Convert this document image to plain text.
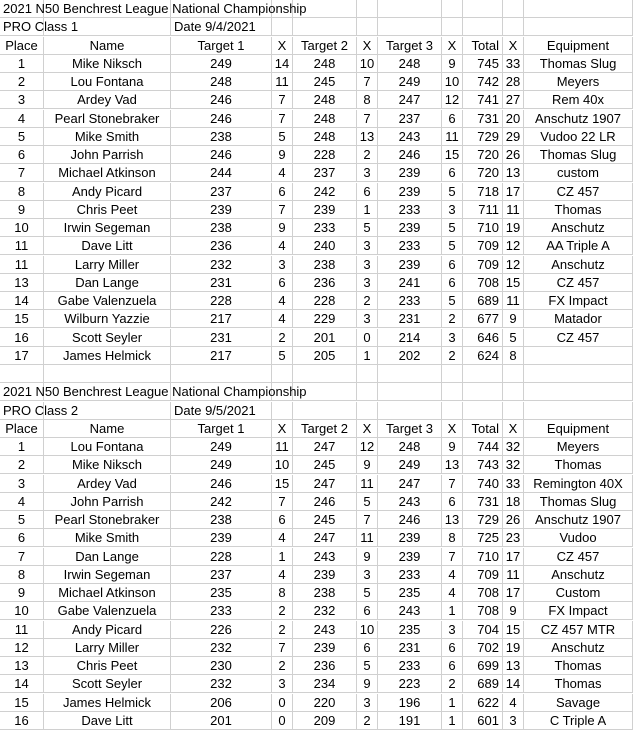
2021 N50 Benchrest League National Championship
PRO Class 1	Date 9/4/2021
Place	Name	Target 1	X	Target 2	X	Target 3	X	Total X	Equipment
1	Mike Niksch	249	14	248	10	248	9	745 33	Thomas Slug
2	Lou Fontana	248	11	245	7	249	10	742 28	Meyers
3	Ardey Vad	246	7	248	8	247	12	741 27	Rem 40x
4	Pearl Stonebraker	246	7	248	7	237	6	731 20	Anschutz 1907
5	Mike Smith	238	5	248	13	243	11	729 29	Vudoo 22 LR
6	John Parrish	246	9	228	2	246	15	720 26	Thomas Slug
7	Michael Atkinson	244	4	237	3	239	6	720 13	custom
8	Andy Picard	237	6	242	6	239	5	718 17	CZ 457
9	Chris Peet	239	7	239	1	233	3	711 11	Thomas
10	Irwin Segeman	238	9	233	5	239	5	710 19	Anschutz
11	Dave Litt	236	4	240	3	233	5	709 12	AA Triple A
11	Larry Miller	232	3	238	3	239	6	709 12	Anschutz
13	Dan Lange	231	6	236	3	241	6	708 15	CZ 457
14	Gabe Valenzuela	228	4	228	2	233	5	689 11	FX Impact
15	Wilburn Yazzie	217	4	229	3	231	2	677 9	Matador
16	Scott Seyler	231	2	201	0	214	3	646 5	CZ 457
17	James Helmick	217	5	205	1	202	2	624 8
2021 N50 Benchrest League National Championship
PRO Class 2	Date 9/5/2021
Place	Name	Target 1	X	Target 2	X	Target 3	X	Total X	Equipment
1	Lou Fontana	249	11	247	12	248	9	744 32	Meyers
2	Mike Niksch	249	10	245	9	249	13	743 32	Thomas
3	Ardey Vad	246	15	247	11	247	7	740 33 Remington 40X
4	John Parrish	242	7	246	5	243	6	731 18	Thomas Slug
5	Pearl Stonebraker	238	6	245	7	246	13	729 26	Anschutz 1907
6	Mike Smith	239	4	247	11	239	8	725 23	Vudoo
7	Dan Lange	228	1	243	9	239	7	710 17	CZ 457
8	Irwin Segeman	237	4	239	3	233	4	709 11	Anschutz
9	Michael Atkinson	235	8	238	5	235	4	708 17	Custom
10	Gabe Valenzuela	233	2	232	6	243	1	708 9	FX Impact
11	Andy Picard	226	2	243	10	235	3	704 15	CZ 457 MTR
12	Larry Miller	232	7	239	6	231	6	702 19	Anschutz
13	Chris Peet	230	2	236	5	233	6	699 13	Thomas
14	Scott Seyler	232	3	234	9	223	2	689 14	Thomas
15	James Helmick	206	0	220	3	196	1	622 4	Savage
16	Dave Litt	201	0	209	2	191	1	601 3	C Triple A
